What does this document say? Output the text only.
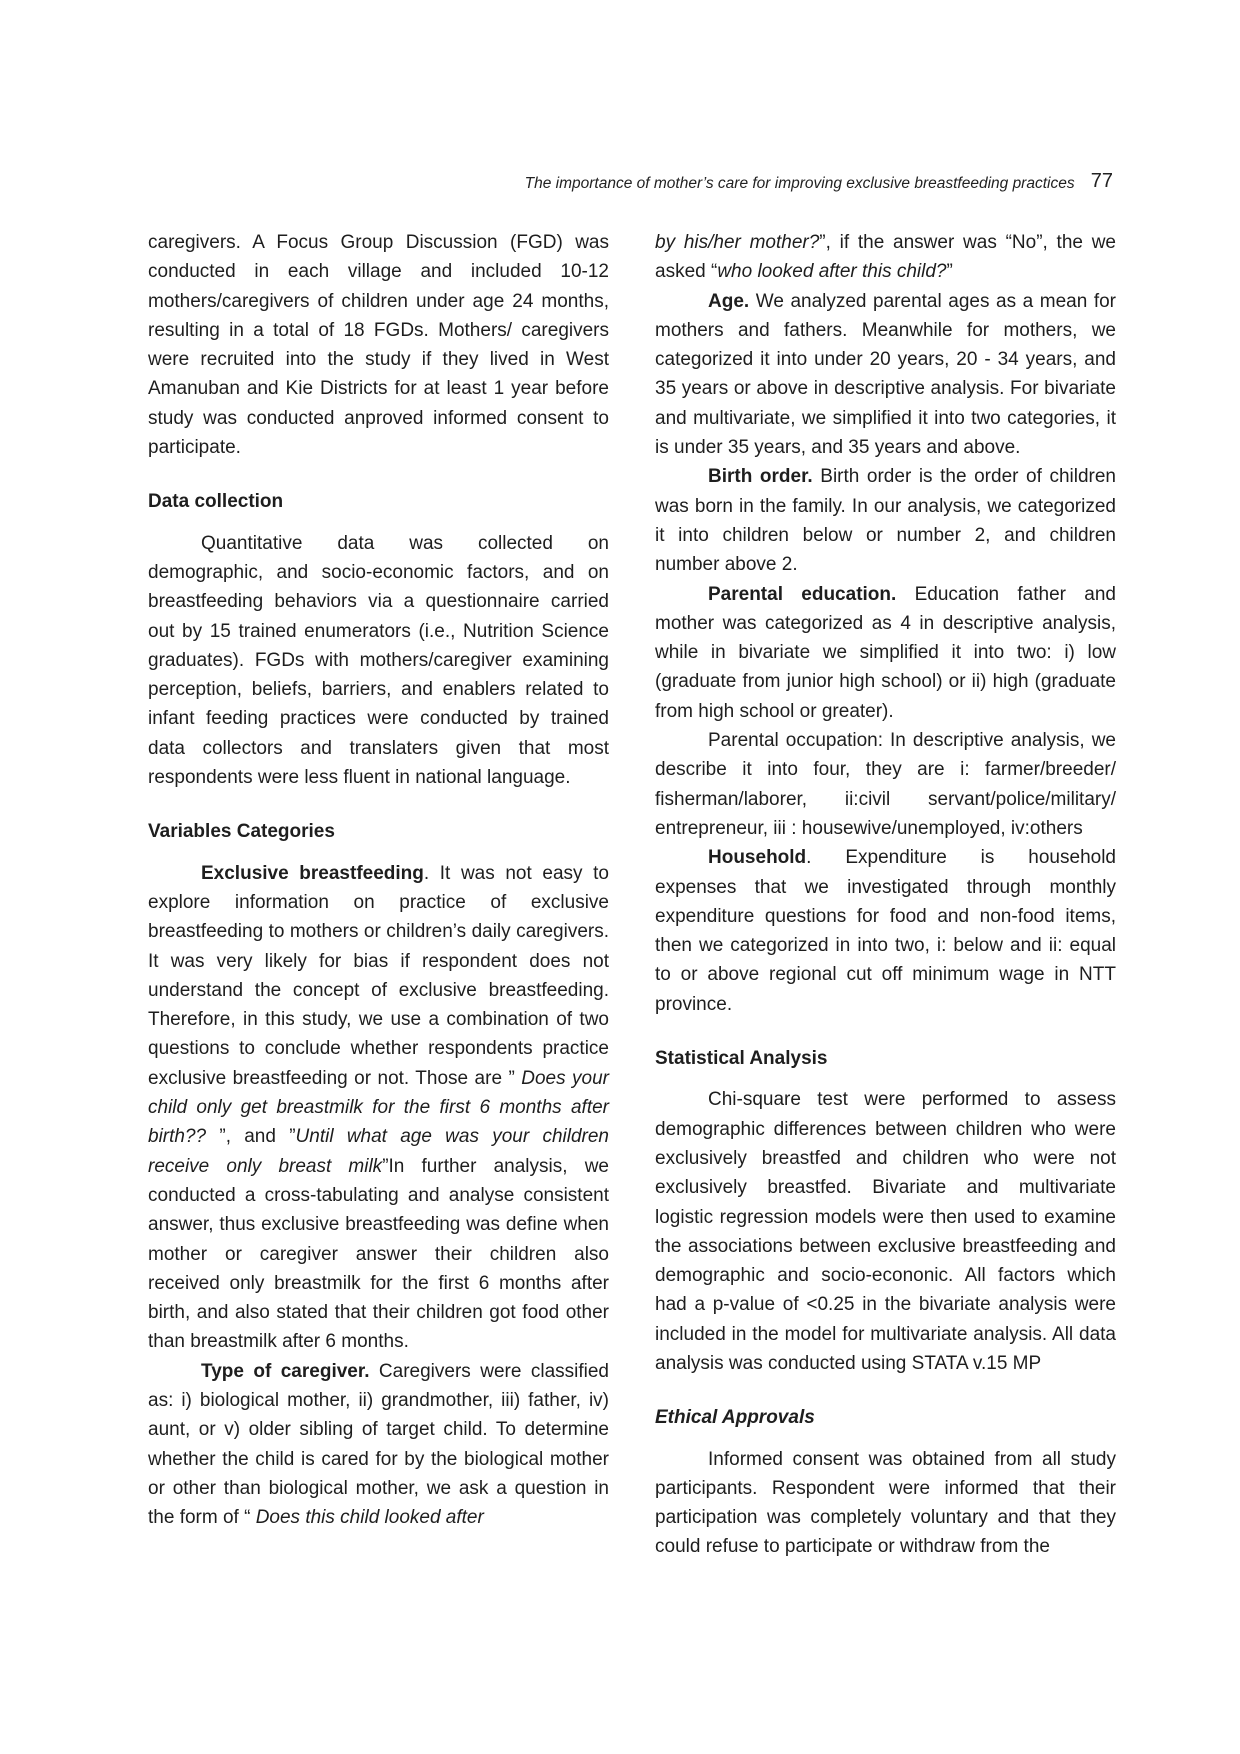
The importance of mother’s care for improving exclusive breastfeeding practices 77

caregivers. A Focus Group Discussion (FGD) was conducted in each village and included 10-12 mothers/caregivers of children under age 24 months, resulting in a total of 18 FGDs. Mothers/ caregivers were recruited into the study if they lived in West Amanuban and Kie Districts for at least 1 year before study was conducted anproved informed consent to participate.

Data collection

Quantitative data was collected on demographic, and socio-economic factors, and on breastfeeding behaviors via a questionnaire carried out by 15 trained enumerators (i.e., Nutrition Science graduates). FGDs with mothers/caregiver examining perception, beliefs, barriers, and enablers related to infant feeding practices were conducted by trained data collectors and translaters given that most respondents were less fluent in national language.

Variables Categories

Exclusive breastfeeding. It was not easy to explore information on practice of exclusive breastfeeding to mothers or children’s daily caregivers. It was very likely for bias if respondent does not understand the concept of exclusive breastfeeding. Therefore, in this study, we use a combination of two questions to conclude whether respondents practice exclusive breastfeeding or not. Those are ” Does your child only get breastmilk for the first 6 months after birth?? ”, and ”Until what age was your children receive only breast milk”In further analysis, we conducted a cross-tabulating and analyse consistent answer, thus exclusive breastfeeding was define when mother or caregiver answer their children also received only breastmilk for the first 6 months after birth, and also stated that their children got food other than breastmilk after 6 months.

Type of caregiver. Caregivers were classified as: i) biological mother, ii) grandmother, iii) father, iv) aunt, or v) older sibling of target child. To determine whether the child is cared for by the biological mother or other than biological mother, we ask a question in the form of “ Does this child looked after

by his/her mother?”, if the answer was “No”, the we asked “who looked after this child?”

Age. We analyzed parental ages as a mean for mothers and fathers. Meanwhile for mothers, we categorized it into under 20 years, 20 - 34 years, and 35 years or above in descriptive analysis. For bivariate and multivariate, we simplified it into two categories, it is under 35 years, and 35 years and above.

Birth order. Birth order is the order of children was born in the family. In our analysis, we categorized it into children below or number 2, and children number above 2.

Parental education. Education father and mother was categorized as 4 in descriptive analysis, while in bivariate we simplified it into two: i) low (graduate from junior high school) or ii) high (graduate from high school or greater).

Parental occupation: In descriptive analysis, we describe it into four, they are i: farmer/breeder/ fisherman/laborer, ii:civil servant/police/military/ entrepreneur, iii : housewive/unemployed, iv:others

Household. Expenditure is household expenses that we investigated through monthly expenditure questions for food and non-food items, then we categorized in into two, i: below and ii: equal to or above regional cut off minimum wage in NTT province.

Statistical Analysis

Chi-square test were performed to assess demographic differences between children who were exclusively breastfed and children who were not exclusively breastfed. Bivariate and multivariate logistic regression models were then used to examine the associations between exclusive breastfeeding and demographic and socio-econonic. All factors which had a p-value of <0.25 in the bivariate analysis were included in the model for multivariate analysis. All data analysis was conducted using STATA v.15 MP

Ethical Approvals

Informed consent was obtained from all study participants. Respondent were informed that their participation was completely voluntary and that they could refuse to participate or withdraw from the
